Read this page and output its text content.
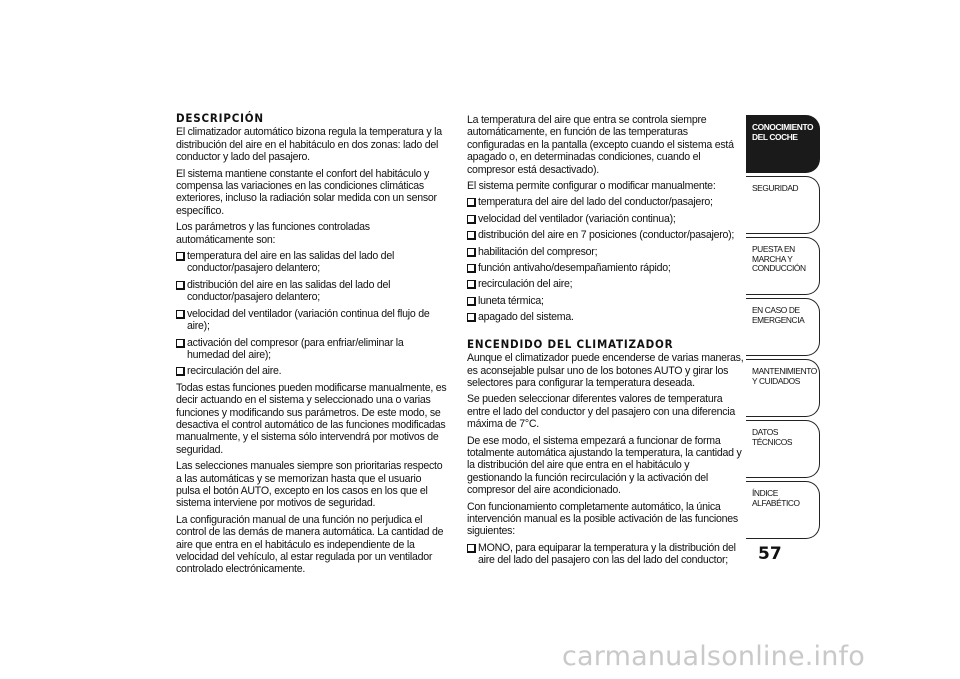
DESCRIPCIÓN
El climatizador automático bizona regula la temperatura y la distribución del aire en el habitáculo en dos zonas: lado del conductor y lado del pasajero.
El sistema mantiene constante el confort del habitáculo y compensa las variaciones en las condiciones climáticas exteriores, incluso la radiación solar medida con un sensor específico.
Los parámetros y las funciones controladas automáticamente son:
temperatura del aire en las salidas del lado del conductor/pasajero delantero;
distribución del aire en las salidas del lado del conductor/pasajero delantero;
velocidad del ventilador (variación continua del flujo de aire);
activación del compresor (para enfriar/eliminar la humedad del aire);
recirculación del aire.
Todas estas funciones pueden modificarse manualmente, es decir actuando en el sistema y seleccionado una o varias funciones y modificando sus parámetros. De este modo, se desactiva el control automático de las funciones modificadas manualmente, y el sistema sólo intervendrá por motivos de seguridad.
Las selecciones manuales siempre son prioritarias respecto a las automáticas y se memorizan hasta que el usuario pulsa el botón AUTO, excepto en los casos en los que el sistema interviene por motivos de seguridad.
La configuración manual de una función no perjudica el control de las demás de manera automática. La cantidad de aire que entra en el habitáculo es independiente de la velocidad del vehículo, al estar regulada por un ventilador controlado electrónicamente.
La temperatura del aire que entra se controla siempre automáticamente, en función de las temperaturas configuradas en la pantalla (excepto cuando el sistema está apagado o, en determinadas condiciones, cuando el compresor está desactivado).
El sistema permite configurar o modificar manualmente:
temperatura del aire del lado del conductor/pasajero;
velocidad del ventilador (variación continua);
distribución del aire en 7 posiciones (conductor/pasajero);
habilitación del compresor;
función antivaho/desempañamiento rápido;
recirculación del aire;
luneta térmica;
apagado del sistema.
ENCENDIDO DEL CLIMATIZADOR
Aunque el climatizador puede encenderse de varias maneras, es aconsejable pulsar uno de los botones AUTO y girar los selectores para configurar la temperatura deseada.
Se pueden seleccionar diferentes valores de temperatura entre el lado del conductor y del pasajero con una diferencia máxima de 7°C.
De ese modo, el sistema empezará a funcionar de forma totalmente automática ajustando la temperatura, la cantidad y la distribución del aire que entra en el habitáculo y gestionando la función recirculación y la activación del compresor del aire acondicionado.
Con funcionamiento completamente automático, la única intervención manual es la posible activación de las funciones siguientes:
MONO, para equiparar la temperatura y la distribución del aire del lado del pasajero con las del lado del conductor;
CONOCIMIENTO DEL COCHE
SEGURIDAD
PUESTA EN MARCHA Y CONDUCCIÓN
EN CASO DE EMERGENCIA
MANTENIMIENTO Y CUIDADOS
DATOS TÉCNICOS
ÍNDICE ALFABÉTICO
57
carmanualsonline.info
